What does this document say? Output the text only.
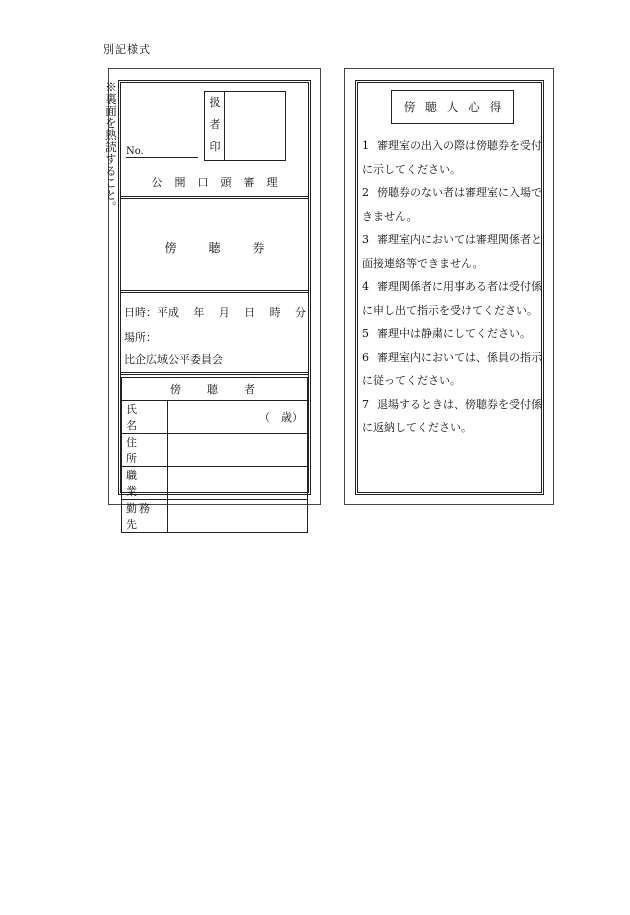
別記様式
※裏面を熟読すること。 No.
扱
者
印
公開口頭審理
傍聴券
日時：平成 年 月 日 時 分
場所：
比企広域公平委員会
傍聴者	
氏　名	（　歳）
住　所	
職　業	
勤務先	
傍聴人心得
1 審理室の出入の際は傍聴券を受付に示してください。
2 傍聴券のない者は審理室に入場できません。
3 審理室内においては審理関係者と面接連絡等できません。
4 審理関係者に用事ある者は受付係に申し出て指示を受けてください。
5 審理中は静粛にしてください。
6 審理室内においては、係員の指示に従ってください。
7 退場するときは、傍聴券を受付係に返納してください。
